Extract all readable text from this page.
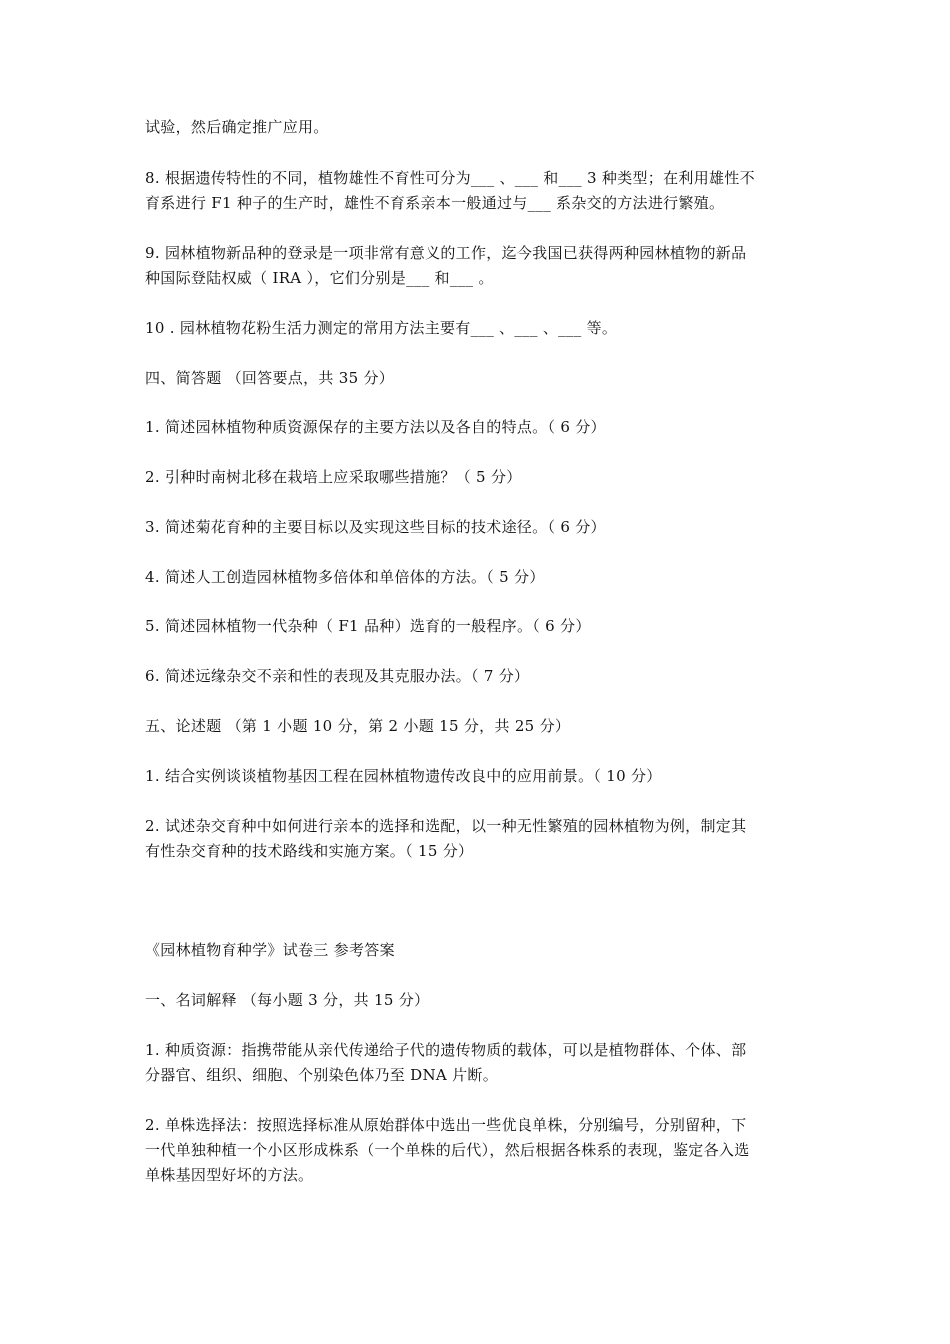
试验，然后确定推广应用。
8. 根据遗传特性的不同，植物雄性不育性可分为___ 、___ 和___ 3 种类型；在利用雄性不
育系进行 F1 种子的生产时，雄性不育系亲本一般通过与___ 系杂交的方法进行繁殖。
9. 园林植物新品种的登录是一项非常有意义的工作，迄今我国已获得两种园林植物的新品
种国际登陆权威（ IRA ），它们分别是___ 和___ 。
10 . 园林植物花粉生活力测定的常用方法主要有___ 、___ 、___ 等。
四、简答题 （回答要点，共 35 分）
1. 简述园林植物种质资源保存的主要方法以及各自的特点。（ 6 分）
2. 引种时南树北移在栽培上应采取哪些措施？（ 5 分）
3. 简述菊花育种的主要目标以及实现这些目标的技术途径。（ 6 分）
4. 简述人工创造园林植物多倍体和单倍体的方法。（ 5 分）
5. 简述园林植物一代杂种（ F1 品种）选育的一般程序。（ 6 分）
6. 简述远缘杂交不亲和性的表现及其克服办法。（ 7 分）
五、论述题 （第 1 小题 10 分，第 2 小题 15 分，共 25 分）
1. 结合实例谈谈植物基因工程在园林植物遗传改良中的应用前景。（ 10 分）
2. 试述杂交育种中如何进行亲本的选择和选配，以一种无性繁殖的园林植物为例，制定其
有性杂交育种的技术路线和实施方案。（ 15 分）
《园林植物育种学》试卷三 参考答案
一、名词解释 （每小题 3 分，共 15 分）
1. 种质资源：指携带能从亲代传递给子代的遗传物质的载体，可以是植物群体、个体、部
分器官、组织、细胞、个别染色体乃至 DNA 片断。
2. 单株选择法：按照选择标准从原始群体中选出一些优良单株，分别编号，分别留种，下
一代单独种植一个小区形成株系（一个单株的后代），然后根据各株系的表现，鉴定各入选
单株基因型好坏的方法。
